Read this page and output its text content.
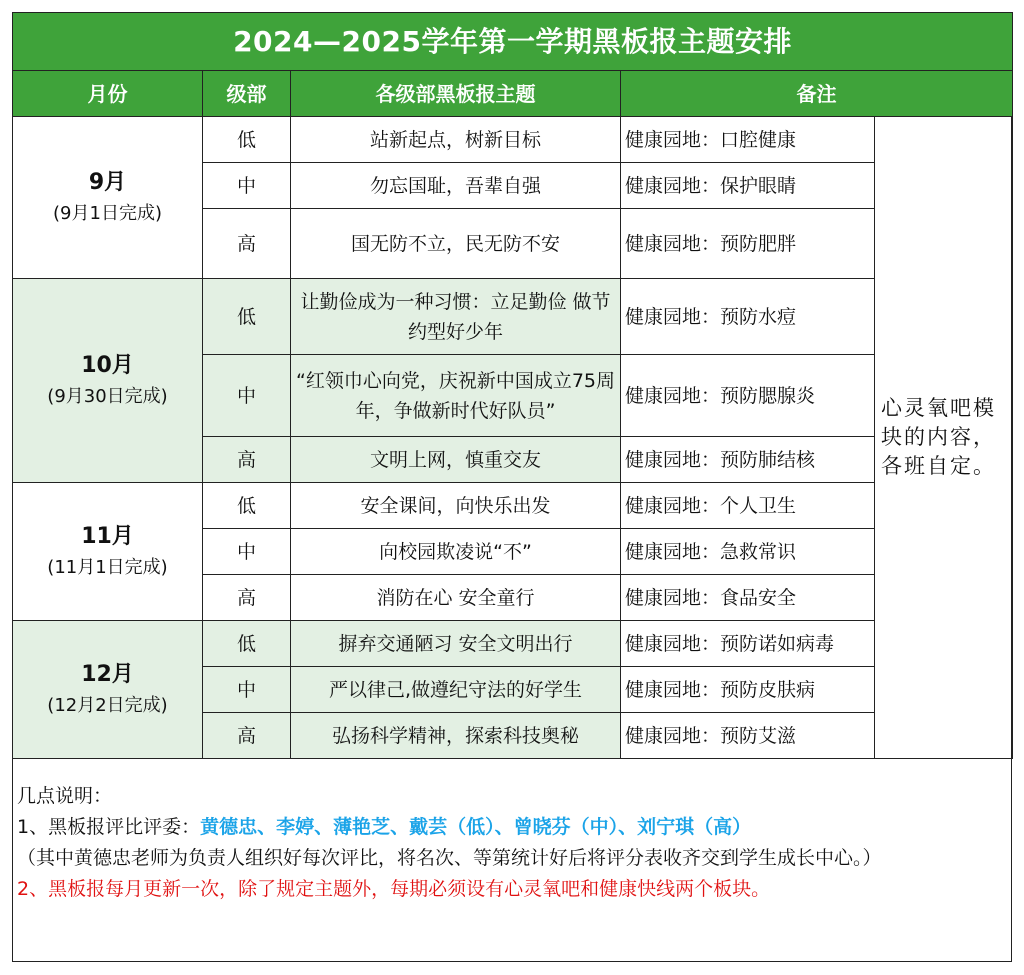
2024—2025学年第一学期黑板报主题安排				
月份	级部	各级部黑板报主题	备注	

9月
(9月1日完成)	低	站新起点，树新目标	健康园地：口腔健康	心灵氧吧模块的内容，各班自定。
	中	勿忘国耻，吾辈自强	健康园地：保护眼睛	
	高	国无防不立，民无防不安	健康园地：预防肥胖	

10月
(9月30日完成)	低	让勤俭成为一种习惯：立足勤俭 做节约型好少年	健康园地：预防水痘	
	中	“红领巾心向党，庆祝新中国成立75周年，争做新时代好队员”	健康园地：预防腮腺炎	
	高	文明上网，慎重交友	健康园地：预防肺结核	

11月
(11月1日完成)	低	安全课间，向快乐出发	健康园地：个人卫生	
	中	向校园欺凌说“不”	健康园地：急救常识	
	高	消防在心 安全童行	健康园地：食品安全	

12月
(12月2日完成)	低	摒弃交通陋习 安全文明出行	健康园地：预防诺如病毒	
	中	严以律己,做遵纪守法的好学生	健康园地：预防皮肤病	
	高	弘扬科学精神，探索科技奥秘	健康园地：预防艾滋	
几点说明：
1、黑板报评比评委：黄德忠、李婷、薄艳芝、戴芸（低）、曾晓芬（中）、刘宁琪（高）
（其中黄德忠老师为负责人组织好每次评比，将名次、等第统计好后将评分表收齐交到学生成长中心。）
2、黑板报每月更新一次，除了规定主题外，每期必须设有心灵氧吧和健康快线两个板块。
